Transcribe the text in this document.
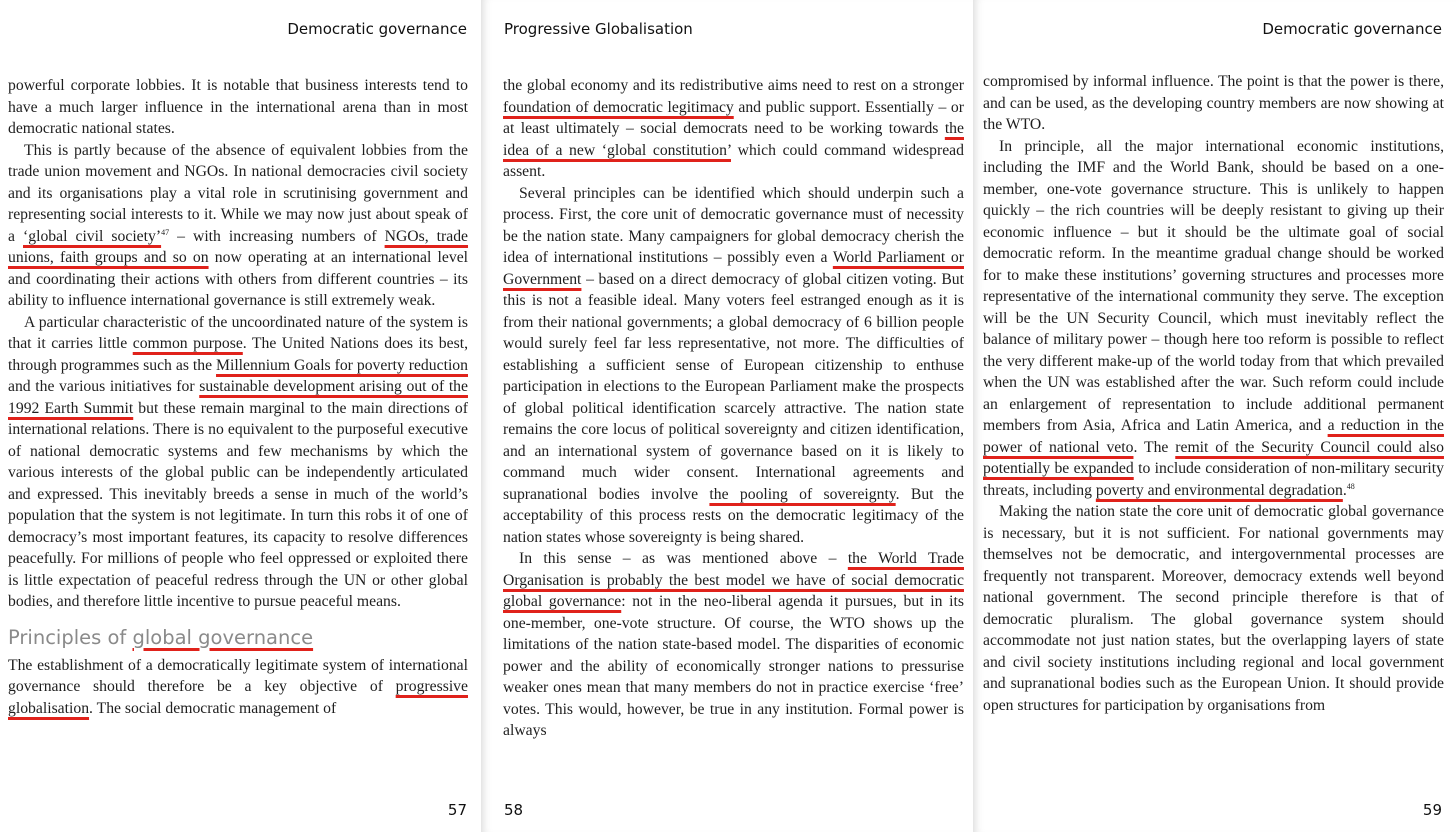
Democratic governance

powerful corporate lobbies. It is notable that business interests tend to have a much larger influence in the international arena than in most democratic national states.

This is partly because of the absence of equivalent lobbies from the trade union movement and NGOs. In national democracies civil society and its organisations play a vital role in scrutinising government and representing social interests to it. While we may now just about speak of a ‘global civil society’$^{47}$ – with increasing numbers of NGOs, trade unions, faith groups and so on now operating at an international level and coordinating their actions with others from different countries – its ability to influence international governance is still extremely weak.

A particular characteristic of the uncoordinated nature of the system is that it carries little common purpose. The United Nations does its best, through programmes such as the Millennium Goals for poverty reduction and the various initiatives for sustainable development arising out of the 1992 Earth Summit but these remain marginal to the main directions of international relations. There is no equivalent to the purposeful executive of national democratic systems and few mechanisms by which the various interests of the global public can be independently articulated and expressed. This inevitably breeds a sense in much of the world’s population that the system is not legitimate. In turn this robs it of one of democracy’s most important features, its capacity to resolve differences peacefully. For millions of people who feel oppressed or exploited there is little expectation of peaceful redress through the UN or other global bodies, and therefore little incentive to pursue peaceful means.

Principles of global governance

The establishment of a democratically legitimate system of international governance should therefore be a key objective of progressive globalisation. The social democratic management of

57
Progressive Globalisation

the global economy and its redistributive aims need to rest on a stronger foundation of democratic legitimacy and public support. Essentially – or at least ultimately – social democrats need to be working towards the idea of a new ‘global constitution’ which could command widespread assent.

Several principles can be identified which should underpin such a process. First, the core unit of democratic governance must of necessity be the nation state. Many campaigners for global democracy cherish the idea of international institutions – possibly even a World Parliament or Government – based on a direct democracy of global citizen voting. But this is not a feasible ideal. Many voters feel estranged enough as it is from their national governments; a global democracy of 6 billion people would surely feel far less representative, not more. The difficulties of establishing a sufficient sense of European citizenship to enthuse participation in elections to the European Parliament make the prospects of global political identification scarcely attractive. The nation state remains the core locus of political sovereignty and citizen identification, and an international system of governance based on it is likely to command much wider consent. International agreements and supranational bodies involve the pooling of sovereignty. But the acceptability of this process rests on the democratic legitimacy of the nation states whose sovereignty is being shared.

In this sense – as was mentioned above – the World Trade Organisation is probably the best model we have of social democratic global governance: not in the neo-liberal agenda it pursues, but in its one-member, one-vote structure. Of course, the WTO shows up the limitations of the nation state-based model. The disparities of economic power and the ability of economically stronger nations to pressurise weaker ones mean that many members do not in practice exercise ‘free’ votes. This would, however, be true in any institution. Formal power is always

58
Democratic governance

compromised by informal influence. The point is that the power is there, and can be used, as the developing country members are now showing at the WTO.

In principle, all the major international economic institutions, including the IMF and the World Bank, should be based on a one-member, one-vote governance structure. This is unlikely to happen quickly – the rich countries will be deeply resistant to giving up their economic influence – but it should be the ultimate goal of social democratic reform. In the meantime gradual change should be worked for to make these institutions’ governing structures and processes more representative of the international community they serve. The exception will be the UN Security Council, which must inevitably reflect the balance of military power – though here too reform is possible to reflect the very different make-up of the world today from that which prevailed when the UN was established after the war. Such reform could include an enlargement of representation to include additional permanent members from Asia, Africa and Latin America, and a reduction in the power of national veto. The remit of the Security Council could also potentially be expanded to include consideration of non-military security threats, including poverty and environmental degradation.$^{48}$

Making the nation state the core unit of democratic global governance is necessary, but it is not sufficient. For national governments may themselves not be democratic, and intergovernmental processes are frequently not transparent. Moreover, democracy extends well beyond national government. The second principle therefore is that of democratic pluralism. The global governance system should accommodate not just nation states, but the overlapping layers of state and civil society institutions including regional and local government and supranational bodies such as the European Union. It should provide open structures for participation by organisations from

59
